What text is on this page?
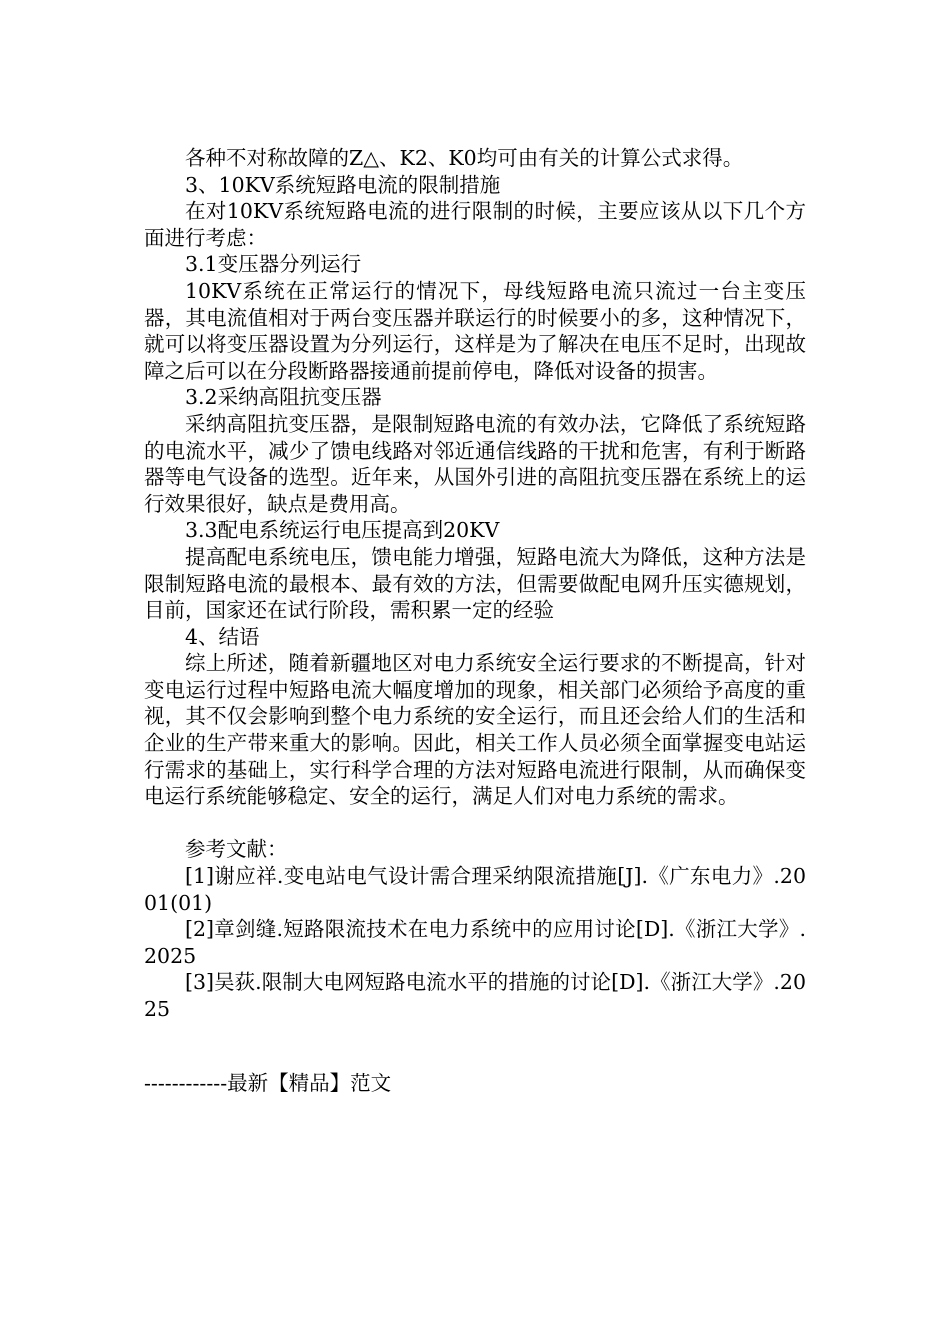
各种不对称故障的Z△、K2、K0均可由有关的计算公式求得。
3、10KV系统短路电流的限制措施
在对10KV系统短路电流的进行限制的时候，主要应该从以下几个方面进行考虑：
3.1变压器分列运行
10KV系统在正常运行的情况下，母线短路电流只流过一台主变压器，其电流值相对于两台变压器并联运行的时候要小的多，这种情况下，就可以将变压器设置为分列运行，这样是为了解决在电压不足时，出现故障之后可以在分段断路器接通前提前停电，降低对设备的损害。
3.2采纳高阻抗变压器
采纳高阻抗变压器，是限制短路电流的有效办法，它降低了系统短路的电流水平，减少了馈电线路对邻近通信线路的干扰和危害，有利于断路器等电气设备的选型。近年来，从国外引进的高阻抗变压器在系统上的运行效果很好，缺点是费用高。
3.3配电系统运行电压提高到20KV
提高配电系统电压，馈电能力增强，短路电流大为降低，这种方法是限制短路电流的最根本、最有效的方法，但需要做配电网升压实德规划，目前，国家还在试行阶段，需积累一定的经验
4、结语
综上所述，随着新疆地区对电力系统安全运行要求的不断提高，针对变电运行过程中短路电流大幅度增加的现象，相关部门必须给予高度的重视，其不仅会影响到整个电力系统的安全运行，而且还会给人们的生活和企业的生产带来重大的影响。因此，相关工作人员必须全面掌握变电站运行需求的基础上，实行科学合理的方法对短路电流进行限制，从而确保变电运行系统能够稳定、安全的运行，满足人们对电力系统的需求。
参考文献：
[1]谢应祥.变电站电气设计需合理采纳限流措施[J].《广东电力》.2001(01)
[2]章剑缝.短路限流技术在电力系统中的应用讨论[D].《浙江大学》.2025
[3]吴荻.限制大电网短路电流水平的措施的讨论[D].《浙江大学》.2025
------------最新【精品】范文
